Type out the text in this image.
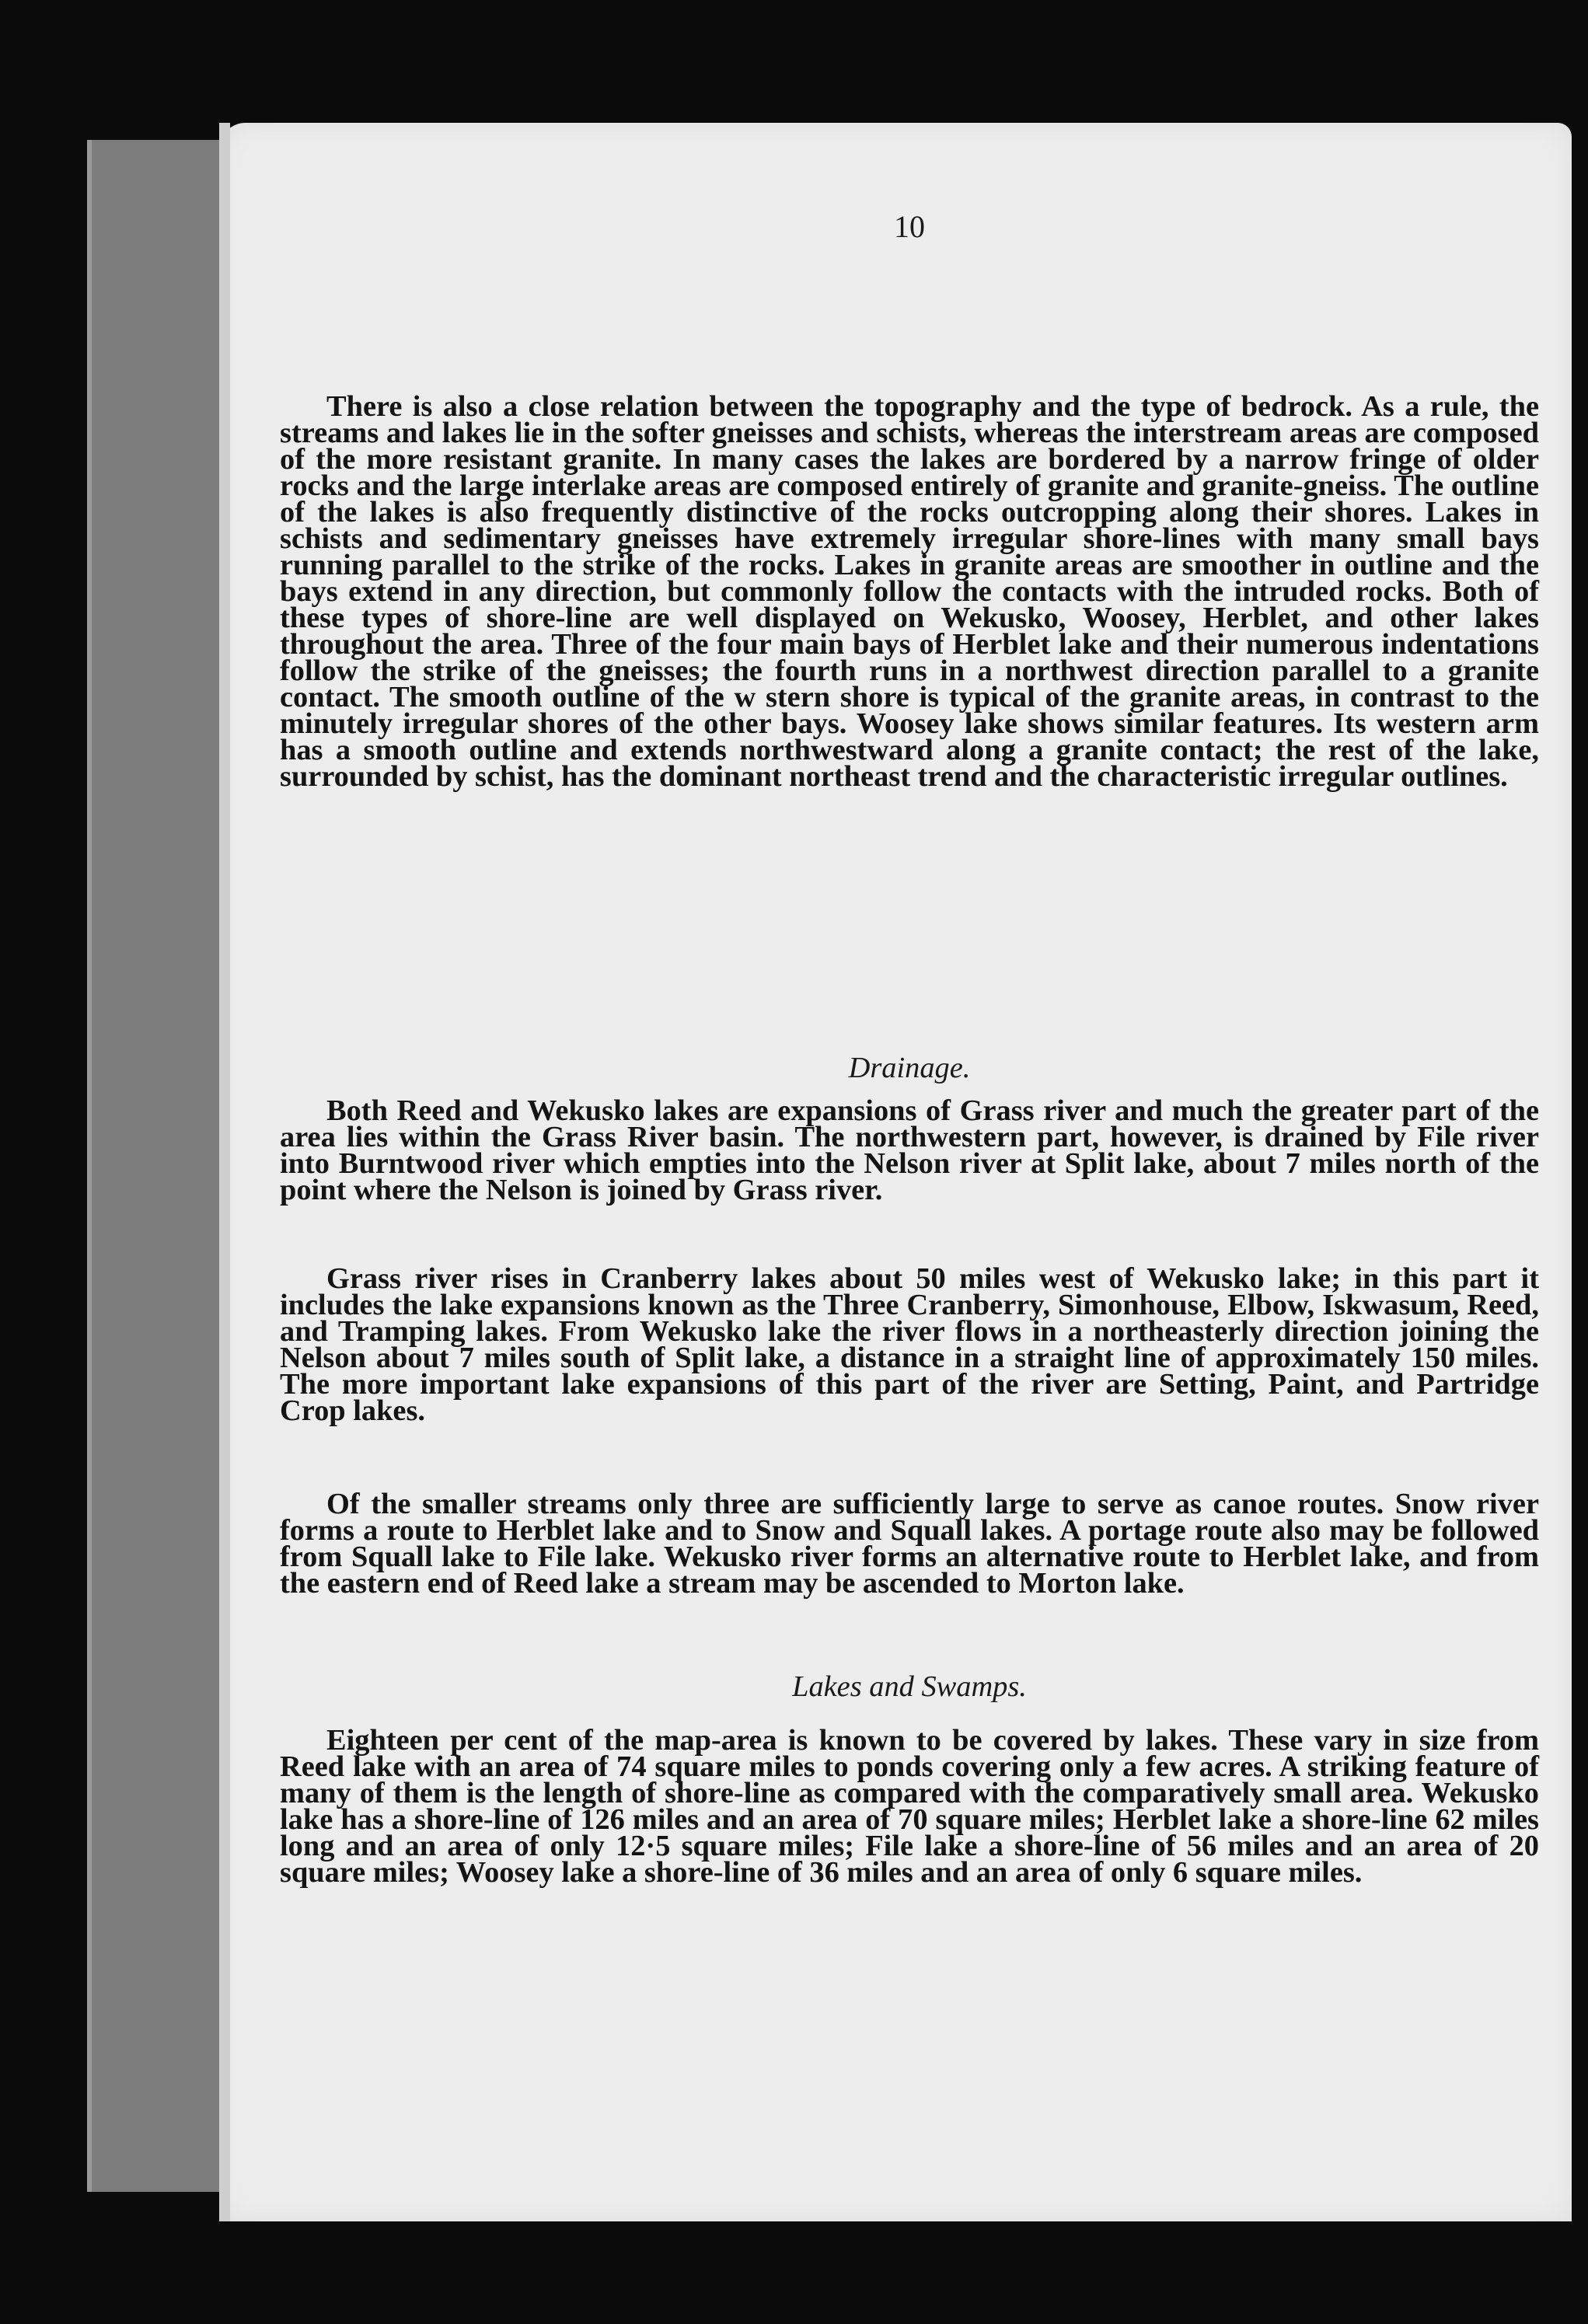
10

There is also a close relation between the topography and the type of bedrock. As a rule, the streams and lakes lie in the softer gneisses and schists, whereas the interstream areas are composed of the more resistant granite. In many cases the lakes are bordered by a narrow fringe of older rocks and the large interlake areas are composed entirely of granite and granite-gneiss. The outline of the lakes is also frequently distinctive of the rocks outcropping along their shores. Lakes in schists and sedimentary gneisses have extremely irregular shore-lines with many small bays running parallel to the strike of the rocks. Lakes in granite areas are smoother in outline and the bays extend in any direction, but commonly follow the contacts with the intruded rocks. Both of these types of shore-line are well displayed on Wekusko, Woosey, Herblet, and other lakes throughout the area. Three of the four main bays of Herblet lake and their numerous indentations follow the strike of the gneisses; the fourth runs in a northwest direction parallel to a granite contact. The smooth outline of the w stern shore is typical of the granite areas, in contrast to the minutely irregular shores of the other bays. Woosey lake shows similar features. Its western arm has a smooth outline and extends northwestward along a granite contact; the rest of the lake, surrounded by schist, has the dominant northeast trend and the characteristic irregular outlines.

Drainage.

Both Reed and Wekusko lakes are expansions of Grass river and much the greater part of the area lies within the Grass River basin. The northwestern part, however, is drained by File river into Burntwood river which empties into the Nelson river at Split lake, about 7 miles north of the point where the Nelson is joined by Grass river.

Grass river rises in Cranberry lakes about 50 miles west of Wekusko lake; in this part it includes the lake expansions known as the Three Cranberry, Simonhouse, Elbow, Iskwasum, Reed, and Tramping lakes. From Wekusko lake the river flows in a northeasterly direction joining the Nelson about 7 miles south of Split lake, a distance in a straight line of approximately 150 miles. The more important lake expansions of this part of the river are Setting, Paint, and Partridge Crop lakes.

Of the smaller streams only three are sufficiently large to serve as canoe routes. Snow river forms a route to Herblet lake and to Snow and Squall lakes. A portage route also may be followed from Squall lake to File lake. Wekusko river forms an alternative route to Herblet lake, and from the eastern end of Reed lake a stream may be ascended to Morton lake.

Lakes and Swamps.

Eighteen per cent of the map-area is known to be covered by lakes. These vary in size from Reed lake with an area of 74 square miles to ponds covering only a few acres. A striking feature of many of them is the length of shore-line as compared with the comparatively small area. Wekusko lake has a shore-line of 126 miles and an area of 70 square miles; Herblet lake a shore-line 62 miles long and an area of only 12·5 square miles; File lake a shore-line of 56 miles and an area of 20 square miles; Woosey lake a shore-line of 36 miles and an area of only 6 square miles.
